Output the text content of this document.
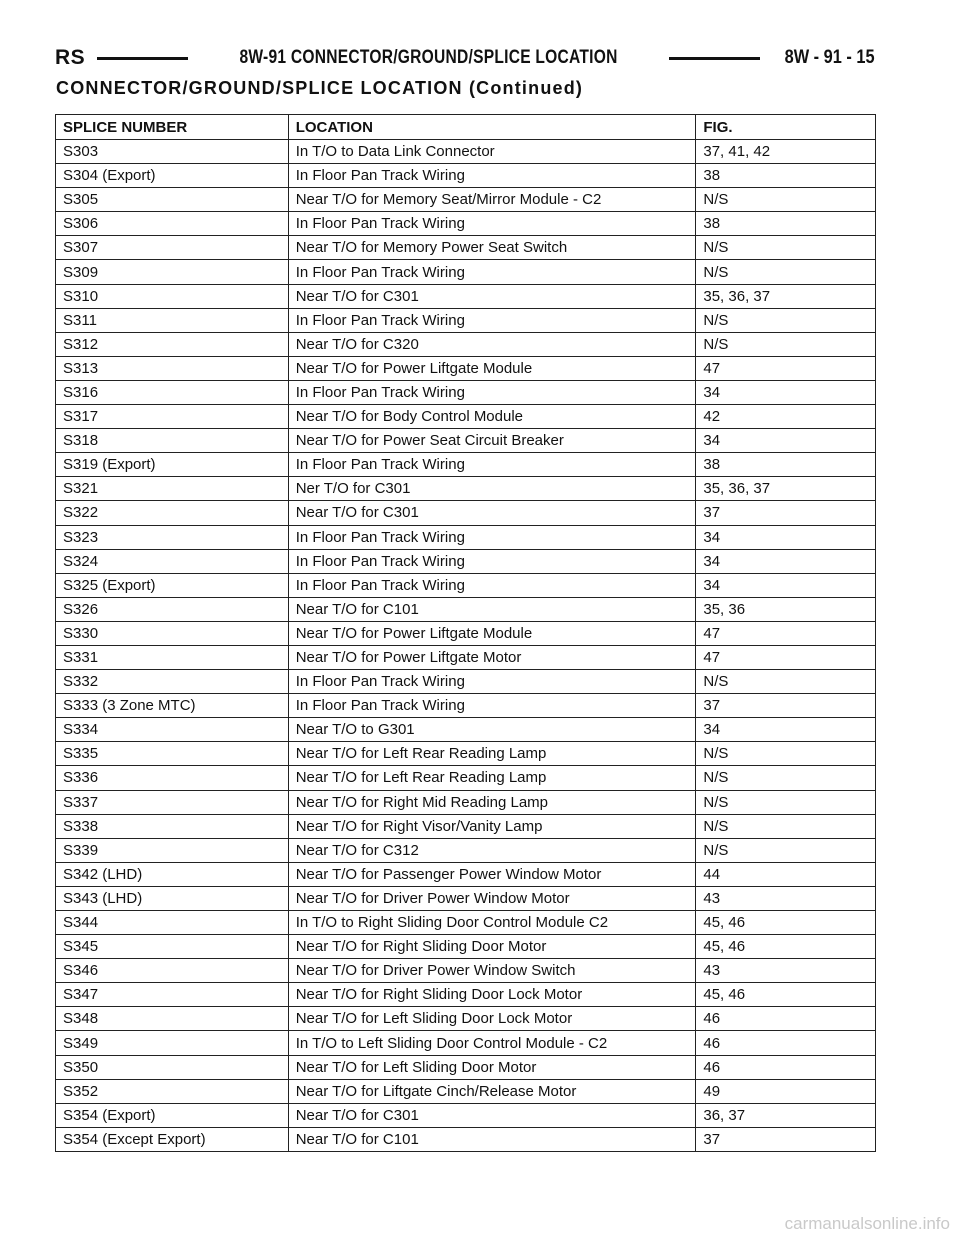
RS	8W-91 CONNECTOR/GROUND/SPLICE LOCATION	8W - 91 - 15
CONNECTOR/GROUND/SPLICE LOCATION (Continued)
SPLICE NUMBER	LOCATION	FIG.
S303	In T/O to Data Link Connector	37, 41, 42
S304 (Export)	In Floor Pan Track Wiring	38
S305	Near T/O for Memory Seat/Mirror Module - C2	N/S
S306	In Floor Pan Track Wiring	38
S307	Near T/O for Memory Power Seat Switch	N/S
S309	In Floor Pan Track Wiring	N/S
S310	Near T/O for C301	35, 36, 37
S311	In Floor Pan Track Wiring	N/S
S312	Near T/O for C320	N/S
S313	Near T/O for Power Liftgate Module	47
S316	In Floor Pan Track Wiring	34
S317	Near T/O for Body Control Module	42
S318	Near T/O for Power Seat Circuit Breaker	34
S319 (Export)	In Floor Pan Track Wiring	38
S321	Ner T/O for C301	35, 36, 37
S322	Near T/O for C301	37
S323	In Floor Pan Track Wiring	34
S324	In Floor Pan Track Wiring	34
S325 (Export)	In Floor Pan Track Wiring	34
S326	Near T/O for C101	35, 36
S330	Near T/O for Power Liftgate Module	47
S331	Near T/O for Power Liftgate Motor	47
S332	In Floor Pan Track Wiring	N/S
S333 (3 Zone MTC)	In Floor Pan Track Wiring	37
S334	Near T/O to G301	34
S335	Near T/O for Left Rear Reading Lamp	N/S
S336	Near T/O for Left Rear Reading Lamp	N/S
S337	Near T/O for Right Mid Reading Lamp	N/S
S338	Near T/O for Right Visor/Vanity Lamp	N/S
S339	Near T/O for C312	N/S
S342 (LHD)	Near T/O for Passenger Power Window Motor	44
S343 (LHD)	Near T/O for Driver Power Window Motor	43
S344	In T/O to Right Sliding Door Control Module C2	45, 46
S345	Near T/O for Right Sliding Door Motor	45, 46
S346	Near T/O for Driver Power Window Switch	43
S347	Near T/O for Right Sliding Door Lock Motor	45, 46
S348	Near T/O for Left Sliding Door Lock Motor	46
S349	In T/O to Left Sliding Door Control Module - C2	46
S350	Near T/O for Left Sliding Door Motor	46
S352	Near T/O for Liftgate Cinch/Release Motor	49
S354 (Export)	Near T/O for C301	36, 37
S354 (Except Export)	Near T/O for C101	37
carmanualsonline.info
